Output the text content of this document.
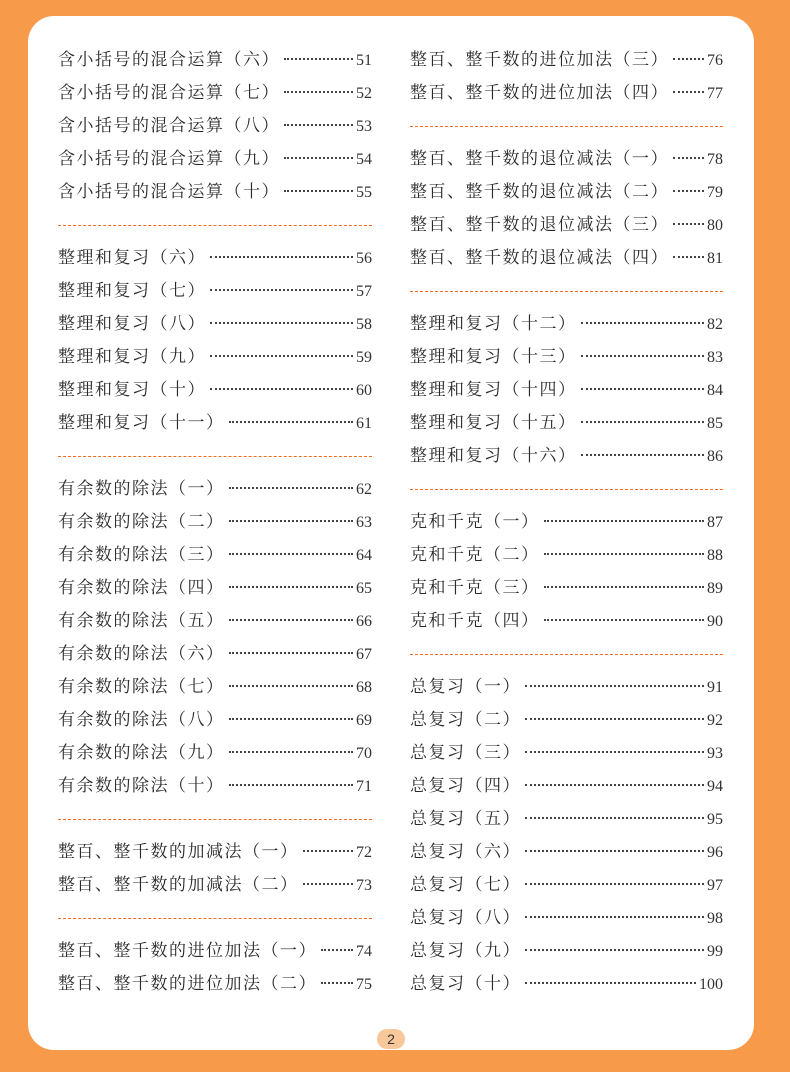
含小括号的混合运算（六）	51
含小括号的混合运算（七）	52
含小括号的混合运算（八）	53
含小括号的混合运算（九）	54
含小括号的混合运算（十）	55
整理和复习（六）	56
整理和复习（七）	57
整理和复习（八）	58
整理和复习（九）	59
整理和复习（十）	60
整理和复习（十一）	61
有余数的除法（一）	62
有余数的除法（二）	63
有余数的除法（三）	64
有余数的除法（四）	65
有余数的除法（五）	66
有余数的除法（六）	67
有余数的除法（七）	68
有余数的除法（八）	69
有余数的除法（九）	70
有余数的除法（十）	71
整百、整千数的加减法（一）	72
整百、整千数的加减法（二）	73
整百、整千数的进位加法（一） 74
整百、整千数的进位加法（二） 75
整百、整千数的进位加法（三） 76
整百、整千数的进位加法（四） 77
整百、整千数的退位减法（一） 78
整百、整千数的退位减法（二） 79
整百、整千数的退位减法（三） 80
整百、整千数的退位减法（四） 81
整理和复习（十二）	82
整理和复习（十三）	83
整理和复习（十四）	84
整理和复习（十五）	85
整理和复习（十六）	86
克和千克（一）	87
克和千克（二）	88
克和千克（三）	89
克和千克（四）	90
总复习（一）	91
总复习（二）	92
总复习（三）	93
总复习（四）	94
总复习（五）	95
总复习（六）	96
总复习（七）	97
总复习（八）	98
总复习（九）	99
总复习（十）	100
2
